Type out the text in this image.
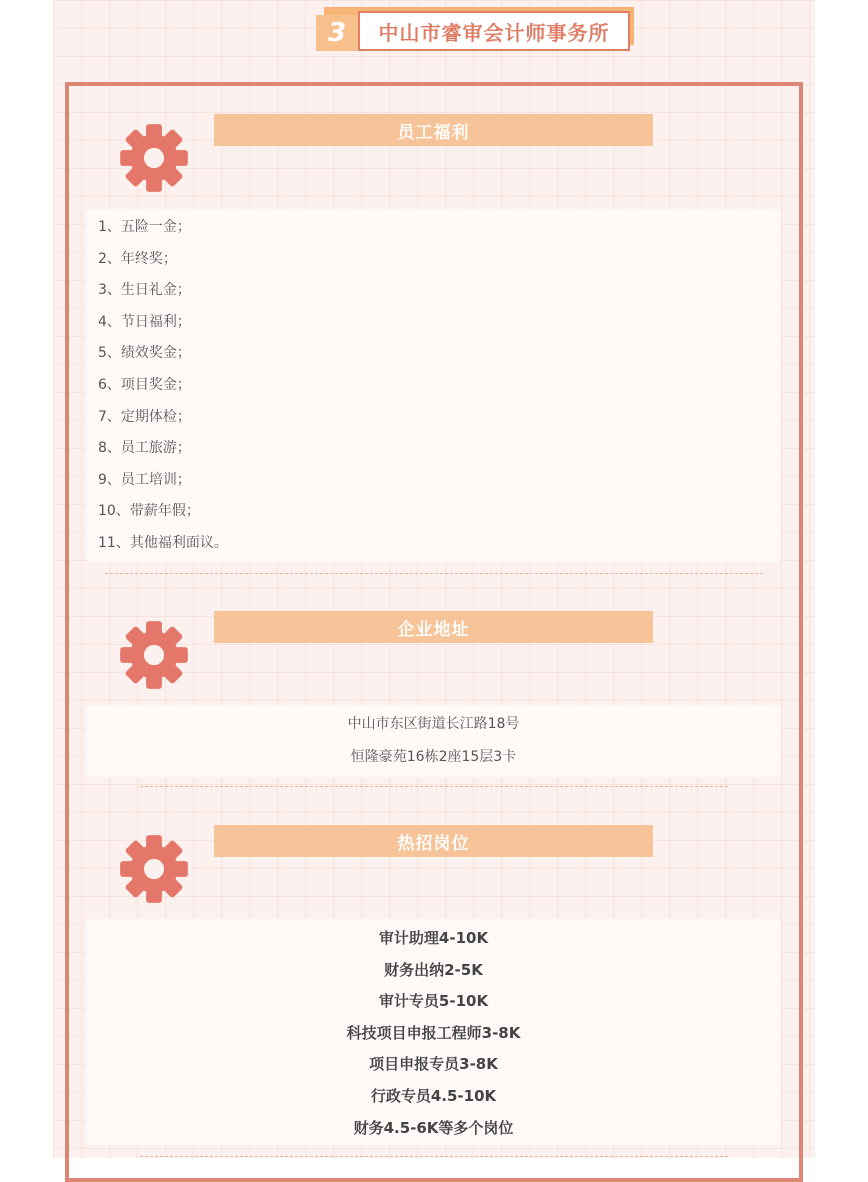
3	中山市睿审会计师事务所
员工福利
1、五险一金；
2、年终奖；
3、生日礼金；
4、节日福利；
5、绩效奖金；
6、项目奖金；
7、定期体检；
8、员工旅游；
9、员工培训；
10、带薪年假；
11、其他福利面议。
企业地址
中山市东区街道长江路18号
恒隆豪苑16栋2座15层3卡
热招岗位
审计助理4-10K
财务出纳2-5K
审计专员5-10K
科技项目申报工程师3-8K
项目申报专员3-8K
行政专员4.5-10K
财务4.5-6K等多个岗位
